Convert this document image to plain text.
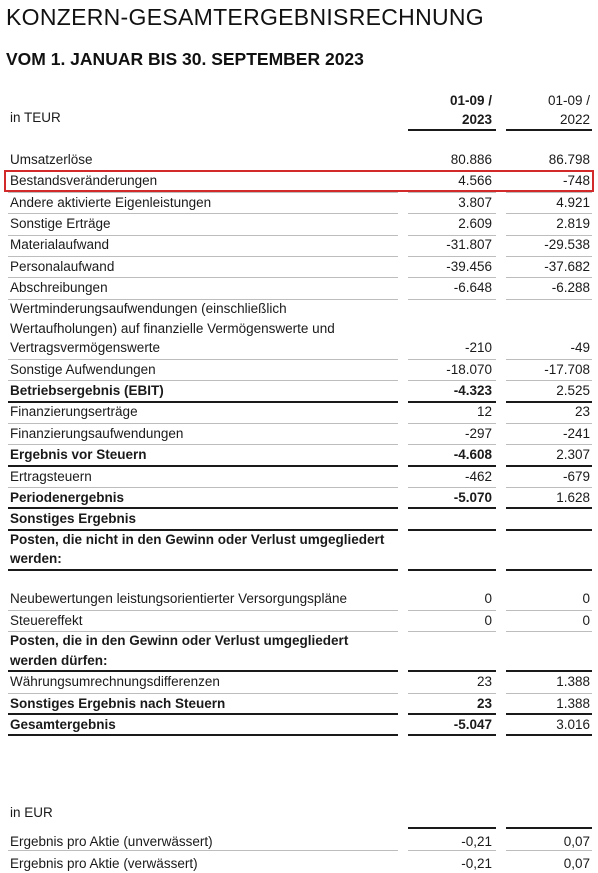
KONZERN-GESAMTERGEBNISRECHNUNG
VOM 1. JANUAR BIS 30. SEPTEMBER 2023
in TEUR
01-09 /
2023
01-09 /
2022
Umsatzerlöse	80.886	86.798
Bestandsveränderungen	4.566	-748
Andere aktivierte Eigenleistungen	3.807	4.921
Sonstige Erträge	2.609	2.819
Materialaufwand	-31.807	-29.538
Personalaufwand	-39.456	-37.682
Abschreibungen	-6.648	-6.288
Wertminderungsaufwendungen (einschließlich Wertaufholungen) auf finanzielle Vermögenswerte und Vertragsvermögenswerte	-210	-49
Sonstige Aufwendungen	-18.070	-17.708
Betriebsergebnis (EBIT)	-4.323	2.525
Finanzierungserträge	12	23
Finanzierungsaufwendungen	-297	-241
Ergebnis vor Steuern	-4.608	2.307
Ertragsteuern	-462	-679
Periodenergebnis	-5.070	1.628
Sonstiges Ergebnis
Posten, die nicht in den Gewinn oder Verlust umgegliedert werden:
Neubewertungen leistungsorientierter Versorgungspläne	0	0
Steuereffekt	0	0
Posten, die in den Gewinn oder Verlust umgegliedert werden dürfen:
Währungsumrechnungsdifferenzen	23	1.388
Sonstiges Ergebnis nach Steuern	23	1.388
Gesamtergebnis	-5.047	3.016
in EUR
Ergebnis pro Aktie (unverwässert)	-0,21	0,07
Ergebnis pro Aktie (verwässert)	-0,21	0,07
